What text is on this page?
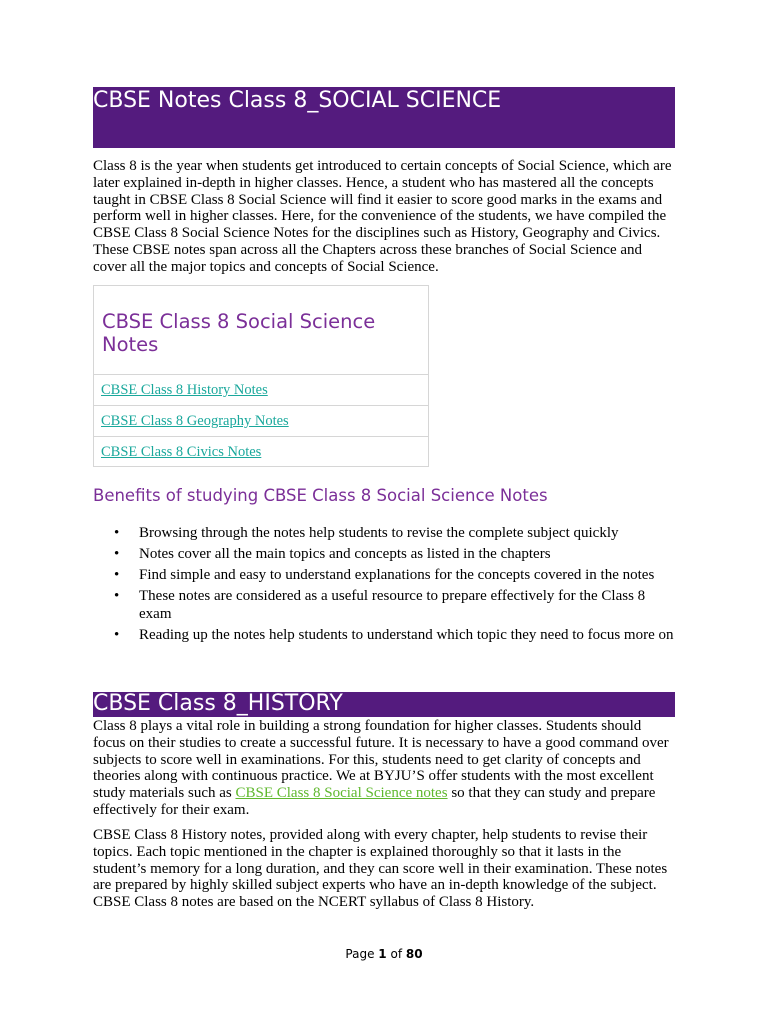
CBSE Notes Class 8_SOCIAL SCIENCE

Class 8 is the year when students get introduced to certain concepts of Social Science, which are later explained in-depth in higher classes. Hence, a student who has mastered all the concepts taught in CBSE Class 8 Social Science will find it easier to score good marks in the exams and perform well in higher classes. Here, for the convenience of the students, we have compiled the CBSE Class 8 Social Science Notes for the disciplines such as History, Geography and Civics. These CBSE notes span across all the Chapters across these branches of Social Science and cover all the major topics and concepts of Social Science.

CBSE Class 8 Social Science Notes
CBSE Class 8 History Notes
CBSE Class 8 Geography Notes
CBSE Class 8 Civics Notes
Benefits of studying CBSE Class 8 Social Science Notes
• Browsing through the notes help students to revise the complete subject quickly
• Notes cover all the main topics and concepts as listed in the chapters
• Find simple and easy to understand explanations for the concepts covered in the notes
• These notes are considered as a useful resource to prepare effectively for the Class 8 exam
• Reading up the notes help students to understand which topic they need to focus more on
CBSE Class 8_HISTORY

Class 8 plays a vital role in building a strong foundation for higher classes. Students should focus on their studies to create a successful future. It is necessary to have a good command over subjects to score well in examinations. For this, students need to get clarity of concepts and theories along with continuous practice. We at BYJU’S offer students with the most excellent study materials such as CBSE Class 8 Social Science notes so that they can study and prepare effectively for their exam.

CBSE Class 8 History notes, provided along with every chapter, help students to revise their topics. Each topic mentioned in the chapter is explained thoroughly so that it lasts in the student’s memory for a long duration, and they can score well in their examination. These notes are prepared by highly skilled subject experts who have an in-depth knowledge of the subject. CBSE Class 8 notes are based on the NCERT syllabus of Class 8 History.

Page 1 of 80
